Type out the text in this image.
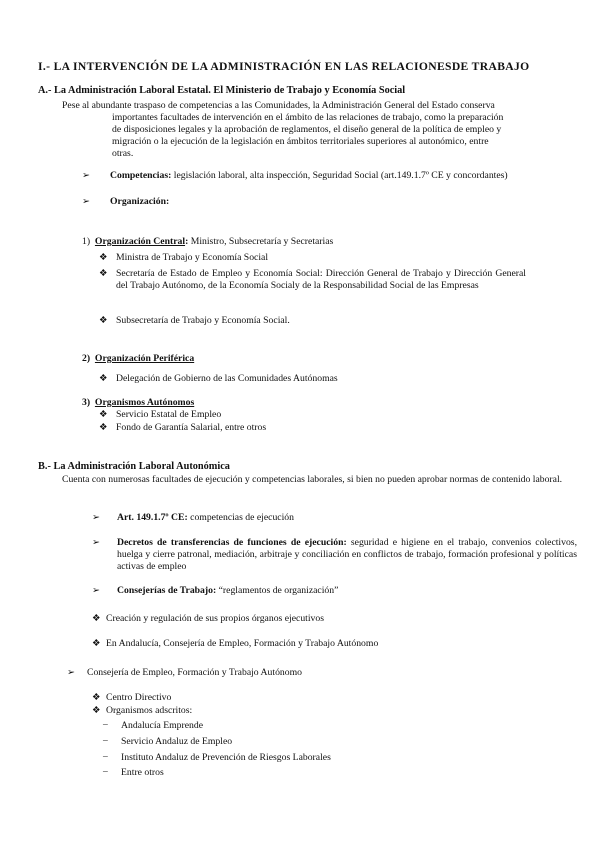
I.- LA INTERVENCIÓN DE LA ADMINISTRACIÓN EN LAS RELACIONESDE TRABAJO
A.- La Administración Laboral Estatal. El Ministerio de Trabajo y Economía Social
Pese al abundante traspaso de competencias a las Comunidades, la Administración General del Estado conserva
importantes facultades de intervención en el ámbito de las relaciones de trabajo, como la preparación
de disposiciones legales y la aprobación de reglamentos, el diseño general de la política de empleo y
migración o la ejecución de la legislación en ámbitos territoriales superiores al autonómico, entre
otras.
➢ Competencias: legislación laboral, alta inspección, Seguridad Social (art.149.1.7º CE y concordantes)
➢ Organización:
1) Organización Central: Ministro, Subsecretaría y Secretarias
❖ Ministra de Trabajo y Economía Social
❖ Secretaría de Estado de Empleo y Economía Social: Dirección General de Trabajo y Dirección General del Trabajo Autónomo, de la Economía Socialy de la Responsabilidad Social de las Empresas
❖ Subsecretaría de Trabajo y Economía Social.
2) Organización Periférica
❖ Delegación de Gobierno de las Comunidades Autónomas
3) Organismos Autónomos
❖ Servicio Estatal de Empleo
❖ Fondo de Garantía Salarial, entre otros
B.- La Administración Laboral Autonómica
Cuenta con numerosas facultades de ejecución y competencias laborales, si bien no pueden aprobar normas de contenido laboral.
➢ Art. 149.1.7º CE: competencias de ejecución
➢ Decretos de transferencias de funciones de ejecución: seguridad e higiene en el trabajo, convenios colectivos, huelga y cierre patronal, mediación, arbitraje y conciliación en conflictos de trabajo, formación profesional y políticas activas de empleo
➢ Consejerías de Trabajo: “reglamentos de organización”
❖ Creación y regulación de sus propios órganos ejecutivos
❖ En Andalucía, Consejería de Empleo, Formación y Trabajo Autónomo
➢ Consejería de Empleo, Formación y Trabajo Autónomo
❖ Centro Directivo
❖ Organismos adscritos:
– Andalucía Emprende
– Servicio Andaluz de Empleo
– Instituto Andaluz de Prevención de Riesgos Laborales
– Entre otros
